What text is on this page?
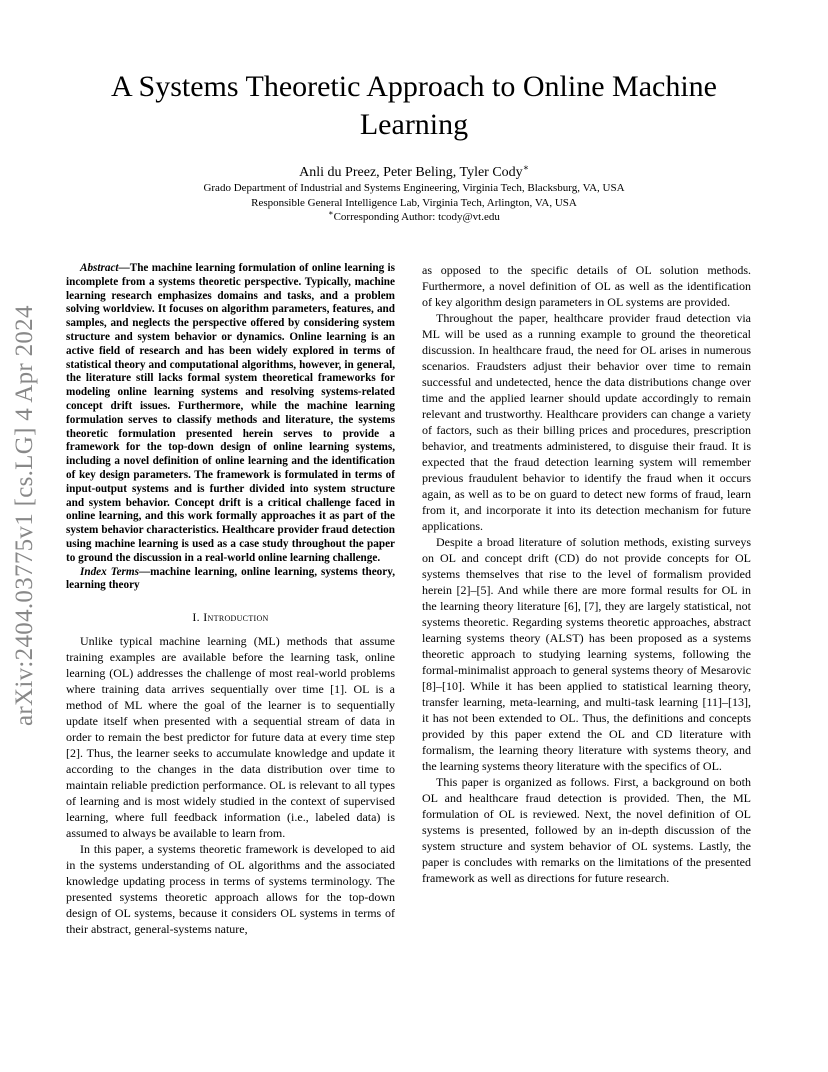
A Systems Theoretic Approach to Online Machine Learning
Anli du Preez, Peter Beling, Tyler Cody∗
Grado Department of Industrial and Systems Engineering, Virginia Tech, Blacksburg, VA, USA
Responsible General Intelligence Lab, Virginia Tech, Arlington, VA, USA
∗Corresponding Author: tcody@vt.edu
arXiv:2404.03775v1 [cs.LG] 4 Apr 2024

Abstract—The machine learning formulation of online learning is incomplete from a systems theoretic perspective. Typically, machine learning research emphasizes domains and tasks, and a problem solving worldview. It focuses on algorithm parameters, features, and samples, and neglects the perspective offered by considering system structure and system behavior or dynamics. Online learning is an active field of research and has been widely explored in terms of statistical theory and computational algorithms, however, in general, the literature still lacks formal system theoretical frameworks for modeling online learning systems and resolving systems-related concept drift issues. Furthermore, while the machine learning formulation serves to classify methods and literature, the systems theoretic formulation presented herein serves to provide a framework for the top-down design of online learning systems, including a novel definition of online learning and the identification of key design parameters. The framework is formulated in terms of input-output systems and is further divided into system structure and system behavior. Concept drift is a critical challenge faced in online learning, and this work formally approaches it as part of the system behavior characteristics. Healthcare provider fraud detection using machine learning is used as a case study throughout the paper to ground the discussion in a real-world online learning challenge.

Index Terms—machine learning, online learning, systems theory, learning theory

I. Introduction

Unlike typical machine learning (ML) methods that assume training examples are available before the learning task, online learning (OL) addresses the challenge of most real-world problems where training data arrives sequentially over time [1]. OL is a method of ML where the goal of the learner is to sequentially update itself when presented with a sequential stream of data in order to remain the best predictor for future data at every time step [2]. Thus, the learner seeks to accumulate knowledge and update it according to the changes in the data distribution over time to maintain reliable prediction performance. OL is relevant to all types of learning and is most widely studied in the context of supervised learning, where full feedback information (i.e., labeled data) is assumed to always be available to learn from.

In this paper, a systems theoretic framework is developed to aid in the systems understanding of OL algorithms and the associated knowledge updating process in terms of systems terminology. The presented systems theoretic approach allows for the top-down design of OL systems, because it considers OL systems in terms of their abstract, general-systems nature,

as opposed to the specific details of OL solution methods. Furthermore, a novel definition of OL as well as the identification of key algorithm design parameters in OL systems are provided.

Throughout the paper, healthcare provider fraud detection via ML will be used as a running example to ground the theoretical discussion. In healthcare fraud, the need for OL arises in numerous scenarios. Fraudsters adjust their behavior over time to remain successful and undetected, hence the data distributions change over time and the applied learner should update accordingly to remain relevant and trustworthy. Healthcare providers can change a variety of factors, such as their billing prices and procedures, prescription behavior, and treatments administered, to disguise their fraud. It is expected that the fraud detection learning system will remember previous fraudulent behavior to identify the fraud when it occurs again, as well as to be on guard to detect new forms of fraud, learn from it, and incorporate it into its detection mechanism for future applications.

Despite a broad literature of solution methods, existing surveys on OL and concept drift (CD) do not provide concepts for OL systems themselves that rise to the level of formalism provided herein [2]–[5]. And while there are more formal results for OL in the learning theory literature [6], [7], they are largely statistical, not systems theoretic. Regarding systems theoretic approaches, abstract learning systems theory (ALST) has been proposed as a systems theoretic approach to studying learning systems, following the formal-minimalist approach to general systems theory of Mesarovic [8]–[10]. While it has been applied to statistical learning theory, transfer learning, meta-learning, and multi-task learning [11]–[13], it has not been extended to OL. Thus, the definitions and concepts provided by this paper extend the OL and CD literature with formalism, the learning theory literature with systems theory, and the learning systems theory literature with the specifics of OL.

This paper is organized as follows. First, a background on both OL and healthcare fraud detection is provided. Then, the ML formulation of OL is reviewed. Next, the novel definition of OL systems is presented, followed by an in-depth discussion of the system structure and system behavior of OL systems. Lastly, the paper is concludes with remarks on the limitations of the presented framework as well as directions for future research.
